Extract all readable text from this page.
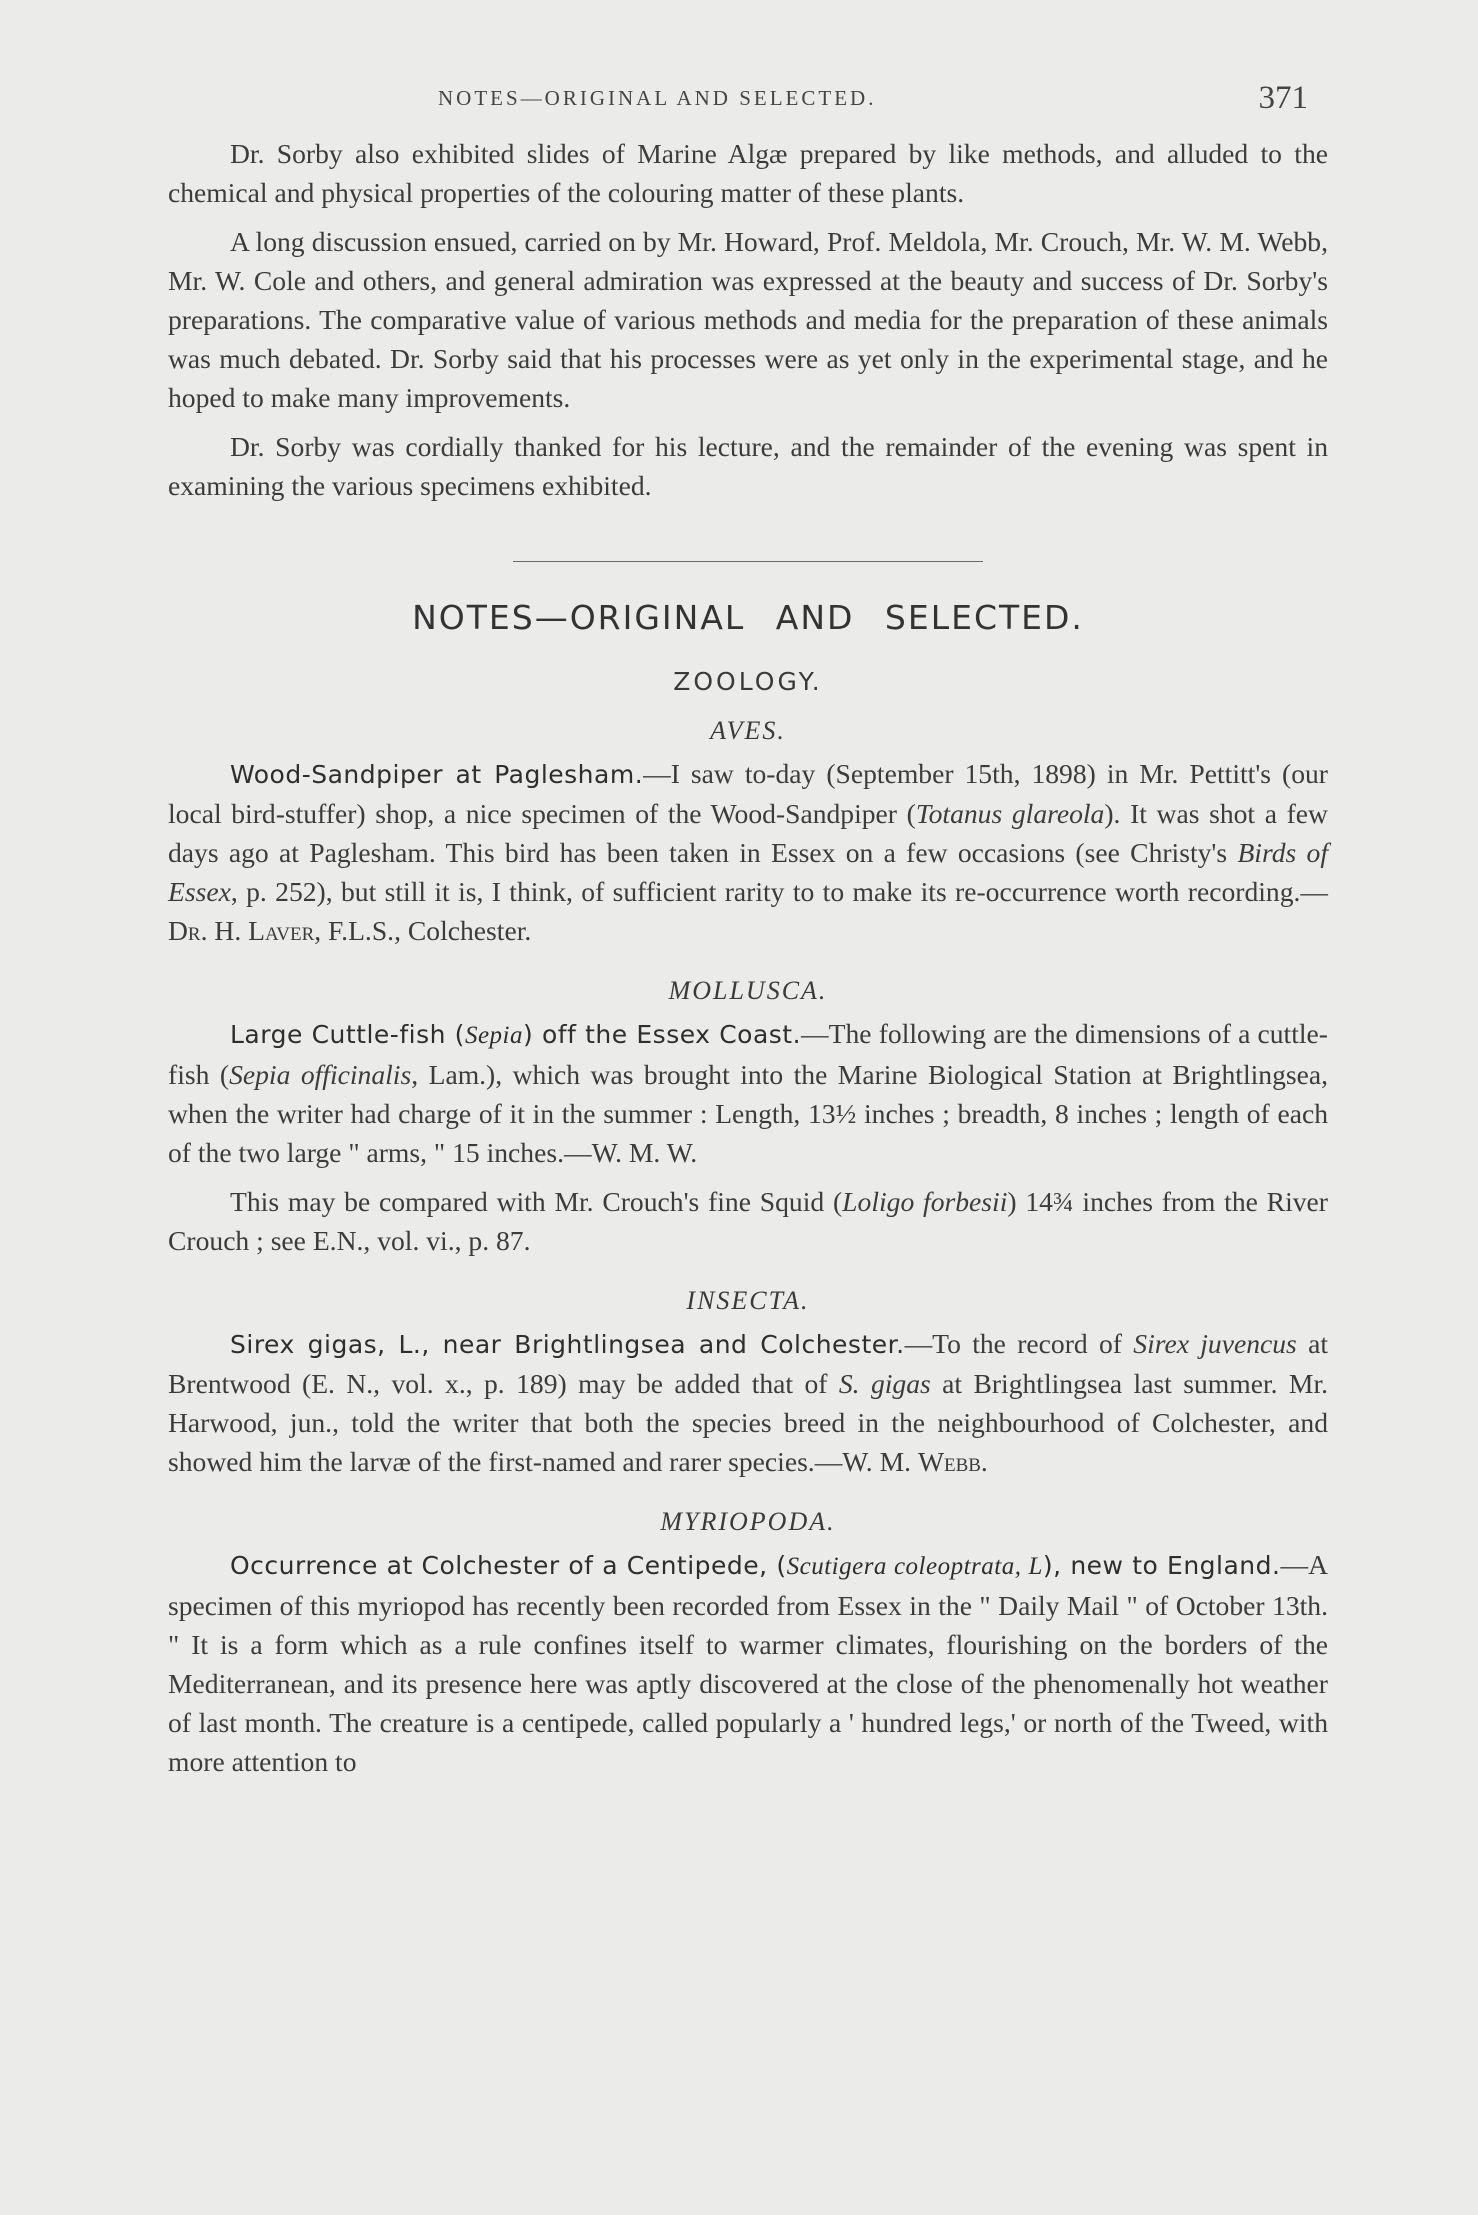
NOTES—ORIGINAL AND SELECTED.	371

Dr. Sorby also exhibited slides of Marine Algæ prepared by like methods, and alluded to the chemical and physical properties of the colouring matter of these plants.

A long discussion ensued, carried on by Mr. Howard, Prof. Meldola, Mr. Crouch, Mr. W. M. Webb, Mr. W. Cole and others, and general admiration was expressed at the beauty and success of Dr. Sorby's preparations. The comparative value of various methods and media for the preparation of these animals was much debated. Dr. Sorby said that his processes were as yet only in the experimental stage, and he hoped to make many improvements.

Dr. Sorby was cordially thanked for his lecture, and the remainder of the evening was spent in examining the various specimens exhibited.

NOTES—ORIGINAL AND SELECTED.
ZOOLOGY.
AVES.

Wood-Sandpiper at Paglesham.—I saw to-day (September 15th, 1898) in Mr. Pettitt's (our local bird-stuffer) shop, a nice specimen of the Wood-Sandpiper (Totanus glareola). It was shot a few days ago at Paglesham. This bird has been taken in Essex on a few occasions (see Christy's Birds of Essex, p. 252), but still it is, I think, of sufficient rarity to to make its re-occurrence worth recording.—Dr. H. Laver, F.L.S., Colchester.

MOLLUSCA.

Large Cuttle-fish (Sepia) off the Essex Coast.—The following are the dimensions of a cuttle-fish (Sepia officinalis, Lam.), which was brought into the Marine Biological Station at Brightlingsea, when the writer had charge of it in the summer : Length, 13½ inches ; breadth, 8 inches ; length of each of the two large " arms, " 15 inches.—W. M. W.

This may be compared with Mr. Crouch's fine Squid (Loligo forbesii) 14¾ inches from the River Crouch ; see E.N., vol. vi., p. 87.

INSECTA.

Sirex gigas, L., near Brightlingsea and Colchester.—To the record of Sirex juvencus at Brentwood (E. N., vol. x., p. 189) may be added that of S. gigas at Brightlingsea last summer. Mr. Harwood, jun., told the writer that both the species breed in the neighbourhood of Colchester, and showed him the larvæ of the first-named and rarer species.—W. M. Webb.

MYRIOPODA.

Occurrence at Colchester of a Centipede, (Scutigera coleoptrata, L), new to England.—A specimen of this myriopod has recently been recorded from Essex in the " Daily Mail " of October 13th. " It is a form which as a rule confines itself to warmer climates, flourishing on the borders of the Mediterranean, and its presence here was aptly discovered at the close of the phenomenally hot weather of last month. The creature is a centipede, called popularly a ' hundred legs,' or north of the Tweed, with more attention to
